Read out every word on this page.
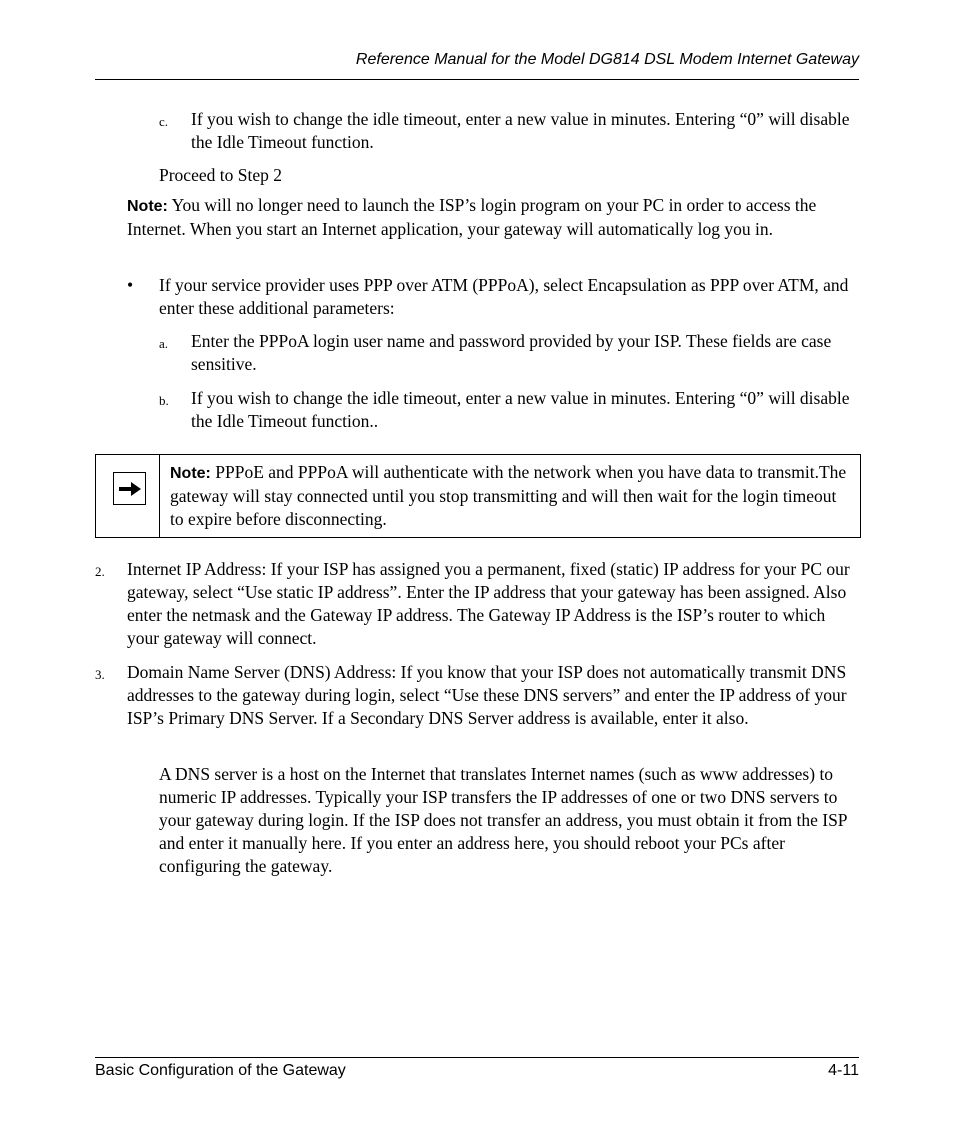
Reference Manual for the Model DG814 DSL Modem Internet Gateway
c. If you wish to change the idle timeout, enter a new value in minutes. Entering “0” will disable the Idle Timeout function.
Proceed to Step 2
Note: You will no longer need to launch the ISP’s login program on your PC in order to access the Internet. When you start an Internet application, your gateway will automatically log you in.
• If your service provider uses PPP over ATM (PPPoA), select Encapsulation as PPP over ATM, and enter these additional parameters:
a. Enter the PPPoA login user name and password provided by your ISP. These fields are case sensitive.
b. If you wish to change the idle timeout, enter a new value in minutes. Entering “0” will disable the Idle Timeout function..
Note: PPPoE and PPPoA will authenticate with the network when you have data to transmit.The gateway will stay connected until you stop transmitting and will then wait for the login timeout to expire before disconnecting.
2. Internet IP Address: If your ISP has assigned you a permanent, fixed (static) IP address for your PC our gateway, select “Use static IP address”. Enter the IP address that your gateway has been assigned. Also enter the netmask and the Gateway IP address. The Gateway IP Address is the ISP’s router to which your gateway will connect.
3. Domain Name Server (DNS) Address: If you know that your ISP does not automatically transmit DNS addresses to the gateway during login, select “Use these DNS servers” and enter the IP address of your ISP’s Primary DNS Server. If a Secondary DNS Server address is available, enter it also.
A DNS server is a host on the Internet that translates Internet names (such as www addresses) to numeric IP addresses. Typically your ISP transfers the IP addresses of one or two DNS servers to your gateway during login. If the ISP does not transfer an address, you must obtain it from the ISP and enter it manually here. If you enter an address here, you should reboot your PCs after configuring the gateway.
Basic Configuration of the Gateway	4-11
